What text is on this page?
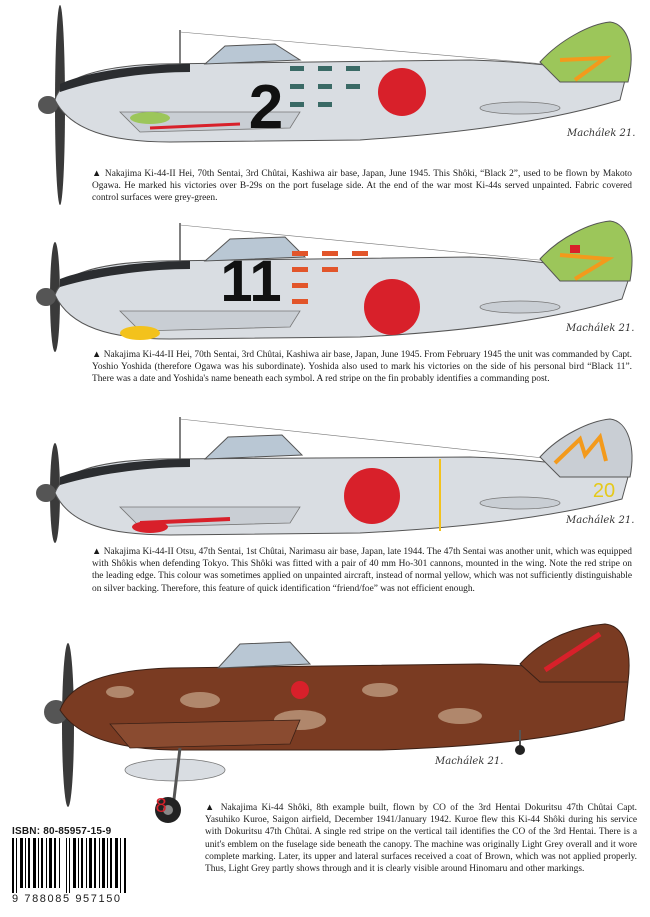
2	Machálek 21.
▲ Nakajima Ki-44-II Hei, 70th Sentai, 3rd Chûtai, Kashiwa air base, Japan, June 1945. This Shôki, “Black 2”, used to be flown by Makoto Ogawa. He marked his victories over B-29s on the port fuselage side. At the end of the war most Ki-44s served unpainted. Fabric covered control surfaces were grey-green.
11
Machálek 21.
▲ Nakajima Ki-44-II Hei, 70th Sentai, 3rd Chûtai, Kashiwa air base, Japan, June 1945. From February 1945 the unit was commanded by Capt. Yoshio Yoshida (therefore Ogawa was his subordinate). Yoshida also used to mark his victories on the side of his personal bird “Black 11”. There was a date and Yoshida's name beneath each symbol. A red stripe on the fin probably identifies a commanding post.
20
Machálek 21.
▲ Nakajima Ki-44-II Otsu, 47th Sentai, 1st Chûtai, Narimasu air base, Japan, late 1944. The 47th Sentai was another unit, which was equipped with Shôkis when defending Tokyo. This Shôki was fitted with a pair of 40 mm Ho-301 cannons, mounted in the wing. Note the red stripe on the leading edge. This colour was sometimes applied on unpainted aircraft, instead of normal yellow, which was not sufficiently distinguishable on silver backing. Therefore, this feature of quick identification “friend/foe” was not efficient enough.
8
Machálek 21.
▲ Nakajima Ki-44 Shôki, 8th example built, flown by CO of the 3rd Hentai Dokuritsu 47th Chûtai Capt. Yasuhiko Kuroe, Saigon airfield, December 1941/January 1942. Kuroe flew this Ki-44 Shôki during his service with Dokuritsu 47th Chûtai. A single red stripe on the vertical tail identifies the CO of the 3rd Hentai. There is a unit's emblem on the fuselage side beneath the canopy. The machine was originally Light Grey overall and it wore complete marking. Later, its upper and lateral surfaces received a coat of Brown, which was not applied properly. Thus, Light Grey partly shows through and it is clearly visible around Hinomaru and other markings.
ISBN: 80-85957-15-9
9 788085 957150
